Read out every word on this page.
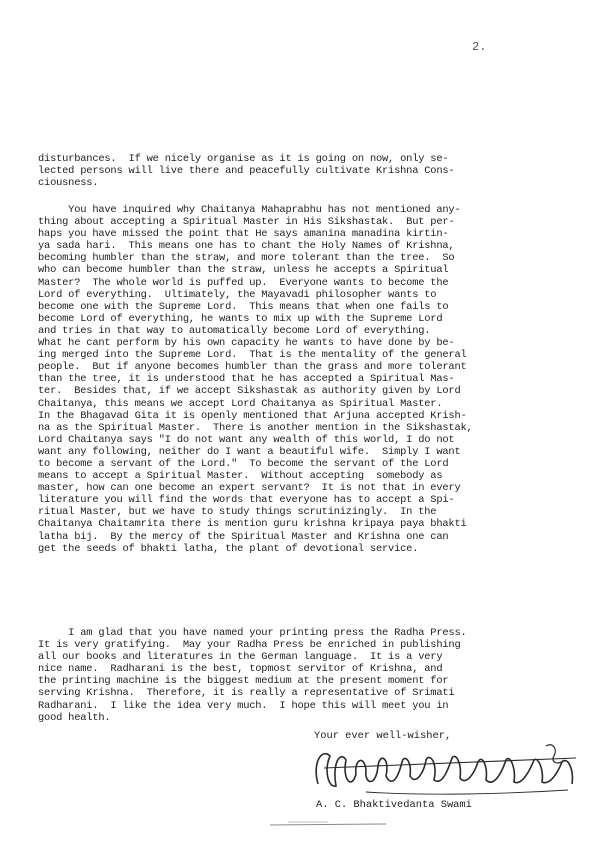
2.
disturbances.  If we nicely organise as it is going on now, only se-
lected persons will live there and peacefully cultivate Krishna Cons-
ciousness.
You have inquired why Chaitanya Mahaprabhu has not mentioned any-
thing about accepting a Spiritual Master in His Sikshastak.  But per-
haps you have missed the point that He says amanina manadina kirtin-
ya sada hari.  This means one has to chant the Holy Names of Krishna,
becoming humbler than the straw, and more tolerant than the tree.  So
who can become humbler than the straw, unless he accepts a Spiritual
Master?  The whole world is puffed up.  Everyone wants to become the
Lord of everything.  Ultimately, the Mayavadi philosopher wants to
become one with the Supreme Lord.  This means that when one fails to
become Lord of everything, he wants to mix up with the Supreme Lord
and tries in that way to automatically become Lord of everything.
What he cant perform by his own capacity he wants to have done by be-
ing merged into the Supreme Lord.  That is the mentality of the general
people.  But if anyone becomes humbler than the grass and more tolerant
than the tree, it is understood that he has accepted a Spiritual Mas-
ter.  Besides that, if we accept Sikshastak as authority given by Lord
Chaitanya, this means we accept Lord Chaitanya as Spiritual Master.
In the Bhagavad Gita it is openly mentioned that Arjuna accepted Krish-
na as the Spiritual Master.  There is another mention in the Sikshastak,
Lord Chaitanya says "I do not want any wealth of this world, I do not
want any following, neither do I want a beautiful wife.  Simply I want
to become a servant of the Lord."  To become the servant of the Lord
means to accept a Spiritual Master.  Without accepting  somebody as
master, how can one become an expert servant?  It is not that in every
literature you will find the words that everyone has to accept a Spi-
ritual Master, but we have to study things scrutinizingly.  In the
Chaitanya Chaitamrita there is mention guru krishna kripaya paya bhakti
latha bij.  By the mercy of the Spiritual Master and Krishna one can
get the seeds of bhakti latha, the plant of devotional service.
I am glad that you have named your printing press the Radha Press.
It is very gratifying.  May your Radha Press be enriched in publishing
all our books and literatures in the German language.  It is a very
nice name.  Radharani is the best, topmost servitor of Krishna, and
the printing machine is the biggest medium at the present moment for
serving Krishna.  Therefore, it is really a representative of Srimati
Radharani.  I like the idea very much.  I hope this will meet you in
good health.
Your ever well-wisher,
A. C. Bhaktivedanta Swami
